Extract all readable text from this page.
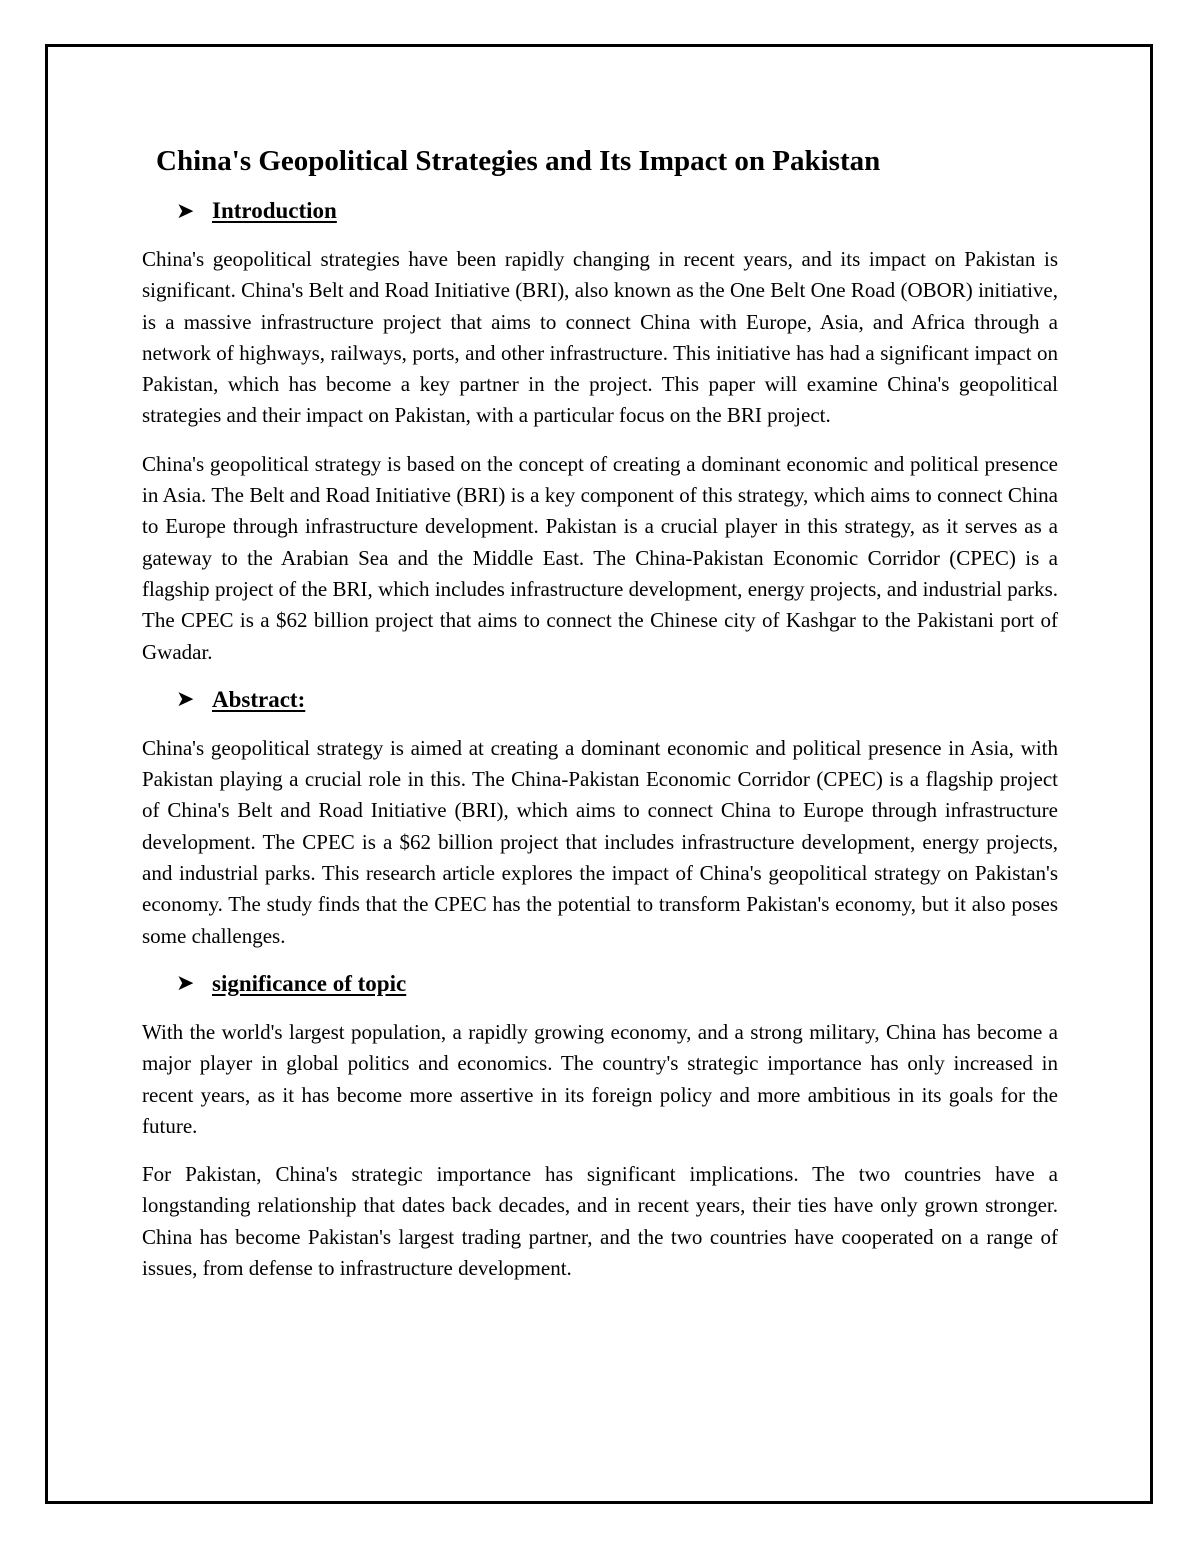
China's Geopolitical Strategies and Its Impact on Pakistan
➤ Introduction

China's geopolitical strategies have been rapidly changing in recent years, and its impact on Pakistan is significant. China's Belt and Road Initiative (BRI), also known as the One Belt One Road (OBOR) initiative, is a massive infrastructure project that aims to connect China with Europe, Asia, and Africa through a network of highways, railways, ports, and other infrastructure. This initiative has had a significant impact on Pakistan, which has become a key partner in the project. This paper will examine China's geopolitical strategies and their impact on Pakistan, with a particular focus on the BRI project.

China's geopolitical strategy is based on the concept of creating a dominant economic and political presence in Asia. The Belt and Road Initiative (BRI) is a key component of this strategy, which aims to connect China to Europe through infrastructure development. Pakistan is a crucial player in this strategy, as it serves as a gateway to the Arabian Sea and the Middle East. The China-Pakistan Economic Corridor (CPEC) is a flagship project of the BRI, which includes infrastructure development, energy projects, and industrial parks. The CPEC is a $62 billion project that aims to connect the Chinese city of Kashgar to the Pakistani port of Gwadar.

➤ Abstract:

China's geopolitical strategy is aimed at creating a dominant economic and political presence in Asia, with Pakistan playing a crucial role in this. The China-Pakistan Economic Corridor (CPEC) is a flagship project of China's Belt and Road Initiative (BRI), which aims to connect China to Europe through infrastructure development. The CPEC is a $62 billion project that includes infrastructure development, energy projects, and industrial parks. This research article explores the impact of China's geopolitical strategy on Pakistan's economy. The study finds that the CPEC has the potential to transform Pakistan's economy, but it also poses some challenges.

➤ significance of topic

With the world's largest population, a rapidly growing economy, and a strong military, China has become a major player in global politics and economics. The country's strategic importance has only increased in recent years, as it has become more assertive in its foreign policy and more ambitious in its goals for the future.

For Pakistan, China's strategic importance has significant implications. The two countries have a longstanding relationship that dates back decades, and in recent years, their ties have only grown stronger. China has become Pakistan's largest trading partner, and the two countries have cooperated on a range of issues, from defense to infrastructure development.
